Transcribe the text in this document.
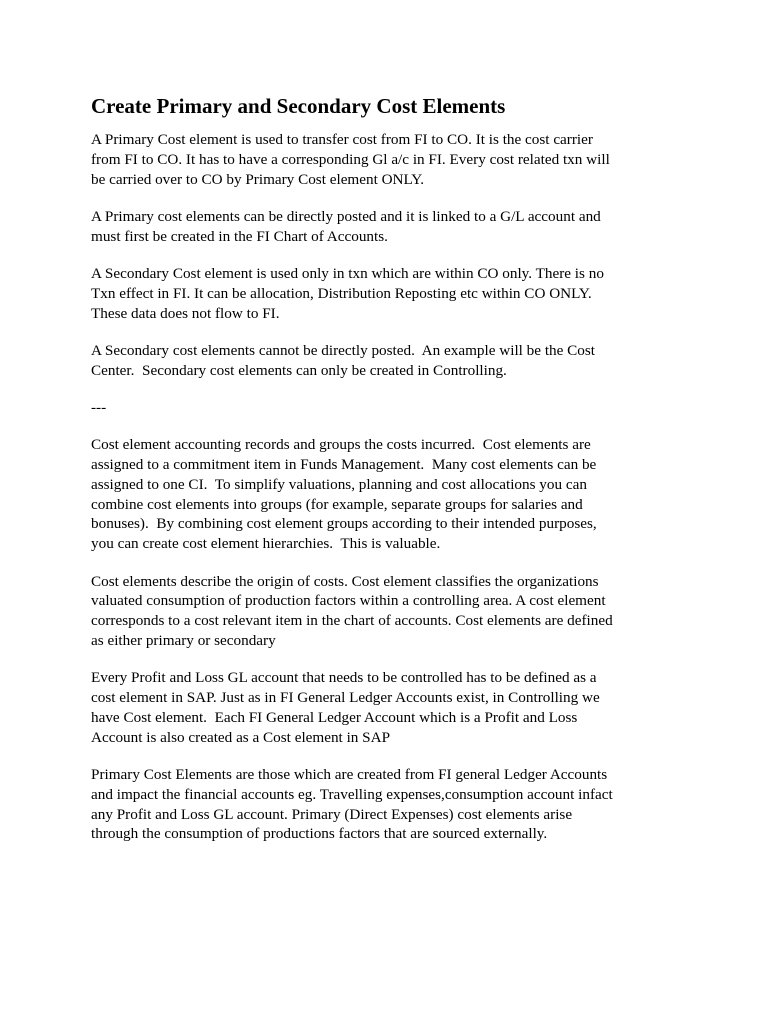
Create Primary and Secondary Cost Elements

A Primary Cost element is used to transfer cost from FI to CO. It is the cost carrier
from FI to CO. It has to have a corresponding Gl a/c in FI. Every cost related txn will
be carried over to CO by Primary Cost element ONLY.

A Primary cost elements can be directly posted and it is linked to a G/L account and
must first be created in the FI Chart of Accounts.

A Secondary Cost element is used only in txn which are within CO only. There is no
Txn effect in FI. It can be allocation, Distribution Reposting etc within CO ONLY.
These data does not flow to FI.

A Secondary cost elements cannot be directly posted.  An example will be the Cost
Center.  Secondary cost elements can only be created in Controlling.

---

Cost element accounting records and groups the costs incurred.  Cost elements are
assigned to a commitment item in Funds Management.  Many cost elements can be
assigned to one CI.  To simplify valuations, planning and cost allocations you can
combine cost elements into groups (for example, separate groups for salaries and
bonuses).  By combining cost element groups according to their intended purposes,
you can create cost element hierarchies.  This is valuable.

Cost elements describe the origin of costs. Cost element classifies the organizations
valuated consumption of production factors within a controlling area. A cost element
corresponds to a cost relevant item in the chart of accounts. Cost elements are defined
as either primary or secondary

Every Profit and Loss GL account that needs to be controlled has to be defined as a
cost element in SAP. Just as in FI General Ledger Accounts exist, in Controlling we
have Cost element.  Each FI General Ledger Account which is a Profit and Loss
Account is also created as a Cost element in SAP

Primary Cost Elements are those which are created from FI general Ledger Accounts
and impact the financial accounts eg. Travelling expenses,consumption account infact
any Profit and Loss GL account. Primary (Direct Expenses) cost elements arise
through the consumption of productions factors that are sourced externally.
